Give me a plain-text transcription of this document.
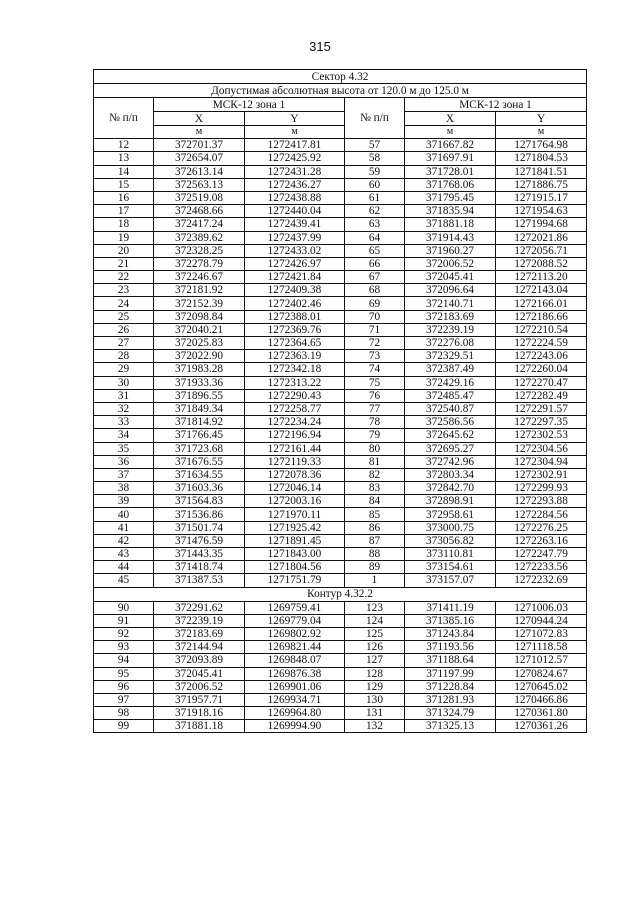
315
Сектор 4.32					
Допустимая абсолютная высота от 120.0 м до 125.0 м					
№ п/п	МСК-12 зона 1		№ п/п	МСК-12 зона 1	
	X	Y		X	Y
	м	м		м	м
12	372701.37	1272417.81	57	371667.82	1271764.98
13	372654.07	1272425.92	58	371697.91	1271804.53
14	372613.14	1272431.28	59	371728.01	1271841.51
15	372563.13	1272436.27	60	371768.06	1271886.75
16	372519.08	1272438.88	61	371795.45	1271915.17
17	372468.66	1272440.04	62	371835.94	1271954.63
18	372417.24	1272439.41	63	371881.18	1271994.68
19	372389.62	1272437.99	64	371914.43	1272021.86
20	372328.25	1272433.02	65	371960.27	1272056.71
21	372278.79	1272426.97	66	372006.52	1272088.52
22	372246.67	1272421.84	67	372045.41	1272113.20
23	372181.92	1272409.38	68	372096.64	1272143.04
24	372152.39	1272402.46	69	372140.71	1272166.01
25	372098.84	1272388.01	70	372183.69	1272186.66
26	372040.21	1272369.76	71	372239.19	1272210.54
27	372025.83	1272364.65	72	372276.08	1272224.59
28	372022.90	1272363.19	73	372329.51	1272243.06
29	371983.28	1272342.18	74	372387.49	1272260.04
30	371933.36	1272313.22	75	372429.16	1272270.47
31	371896.55	1272290.43	76	372485.47	1272282.49
32	371849.34	1272258.77	77	372540.87	1272291.57
33	371814.92	1272234.24	78	372586.56	1272297.35
34	371766.45	1272196.94	79	372645.62	1272302.53
35	371723.68	1272161.44	80	372695.27	1272304.56
36	371676.55	1272119.33	81	372742.96	1272304.94
37	371634.55	1272078.36	82	372803.34	1272302.91
38	371603.36	1272046.14	83	372842.70	1272299.93
39	371564.83	1272003.16	84	372898.91	1272293.88
40	371536.86	1271970.11	85	372958.61	1272284.56
41	371501.74	1271925.42	86	373000.75	1272276.25
42	371476.59	1271891.45	87	373056.82	1272263.16
43	371443.35	1271843.00	88	373110.81	1272247.79
44	371418.74	1271804.56	89	373154.61	1272233.56
45	371387.53	1271751.79	1	373157.07	1272232.69
Контур 4.32.2					
90	372291.62	1269759.41	123	371411.19	1271006.03
91	372239.19	1269779.04	124	371385.16	1270944.24
92	372183.69	1269802.92	125	371243.84	1271072.83
93	372144.94	1269821.44	126	371193.56	1271118.58
94	372093.89	1269848.07	127	371188.64	1271012.57
95	372045.41	1269876.38	128	371197.99	1270824.67
96	372006.52	1269901.06	129	371228.84	1270645.02
97	371957.71	1269934.71	130	371281.93	1270466.86
98	371918.16	1269964.80	131	371324.79	1270361.80
99	371881.18	1269994.90	132	371325.13	1270361.26
